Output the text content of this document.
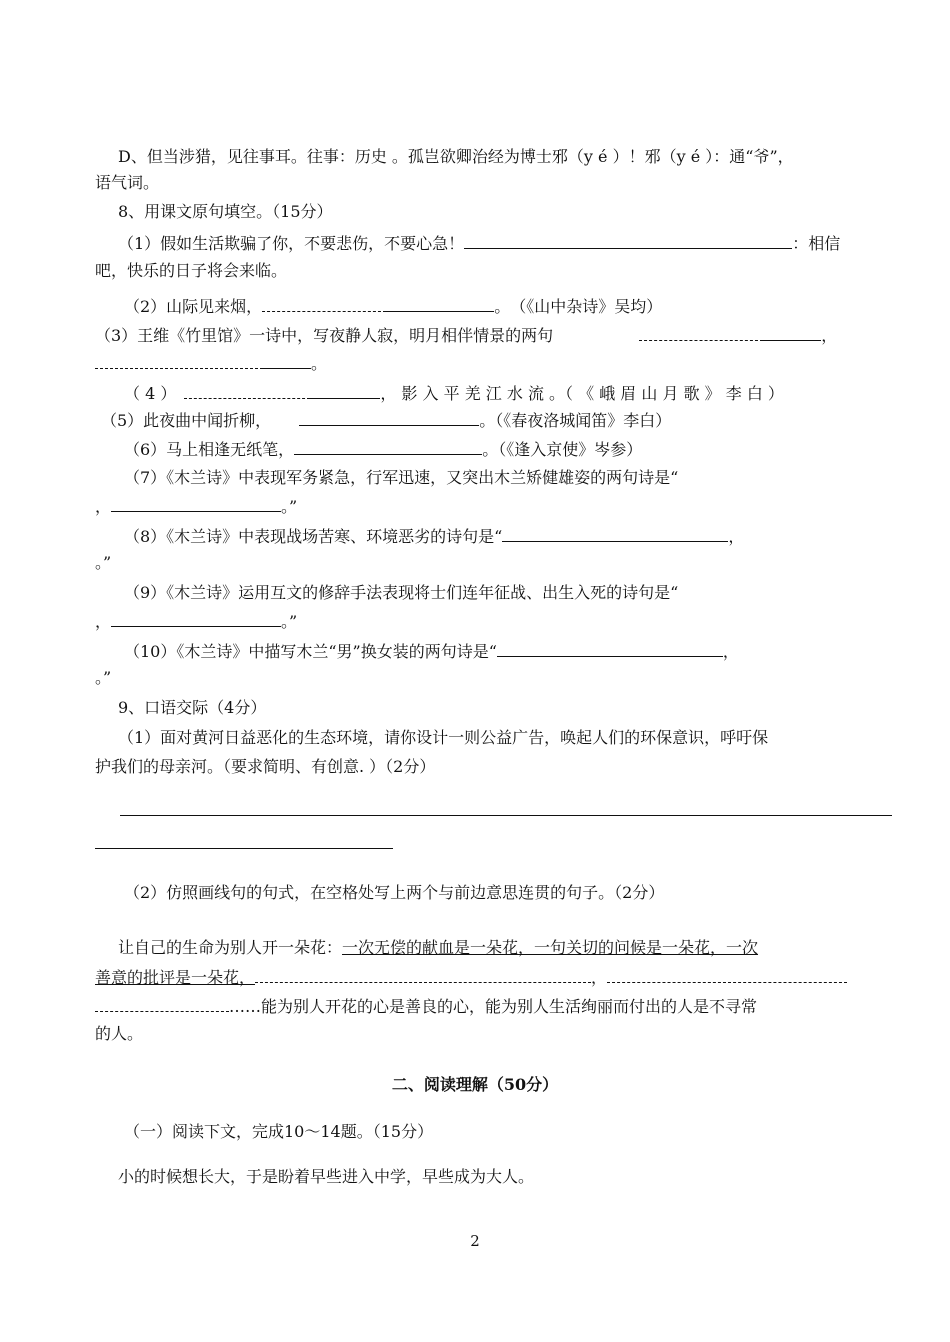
D、但当涉猎，见往事耳。往事：历史 。孤岂欲卿治经为博士邪（y é ）！邪（y é ）：通“爷”，
语气词。
8、用课文原句填空。（15分）
（1）假如生活欺骗了你，不要悲伤，不要心急！	：相信
吧，快乐的日子将会来临。
（2）山际见来烟，	。　（《山中杂诗》吴均）
（3）王维《竹里馆》一诗中，写夜静人寂，明月相伴情景的两句	，
。
（ 4 ）	， 影 入 平 羌 江 水 流 。（ 《 峨 眉 山 月 歌 》 李 白 ）
（5）此夜曲中闻折柳，	。（《春夜洛城闻笛》李白）
（6）马上相逢无纸笔，	。（《逢入京使》岑参）
（7）《木兰诗》中表现军务紧急，行军迅速，又突出木兰矫健雄姿的两句诗是“
，	。”
（8）《木兰诗》中表现战场苦寒、环境恶劣的诗句是“	，
。”
（9）《木兰诗》运用互文的修辞手法表现将士们连年征战、出生入死的诗句是“
，	。”
（10）《木兰诗》中描写木兰“男”换女装的两句诗是“	，
。”
9、口语交际（4分）
（1）面对黄河日益恶化的生态环境，请你设计一则公益广告，唤起人们的环保意识，呼吁保
护我们的母亲河。（要求简明、有创意. ）（2分）
（2）仿照画线句的句式，在空格处写上两个与前边意思连贯的句子。（2分）
让自己的生命为别人开一朵花：一次无偿的献血是一朵花，一句关切的问候是一朵花，一次
善意的批评是一朵花，	，
……能为别人开花的心是善良的心，能为别人生活绚丽而付出的人是不寻常
的人。
二、阅读理解（50分）
（一）阅读下文，完成10～14题。（15分）
小的时候想长大，于是盼着早些进入中学，早些成为大人。
2
